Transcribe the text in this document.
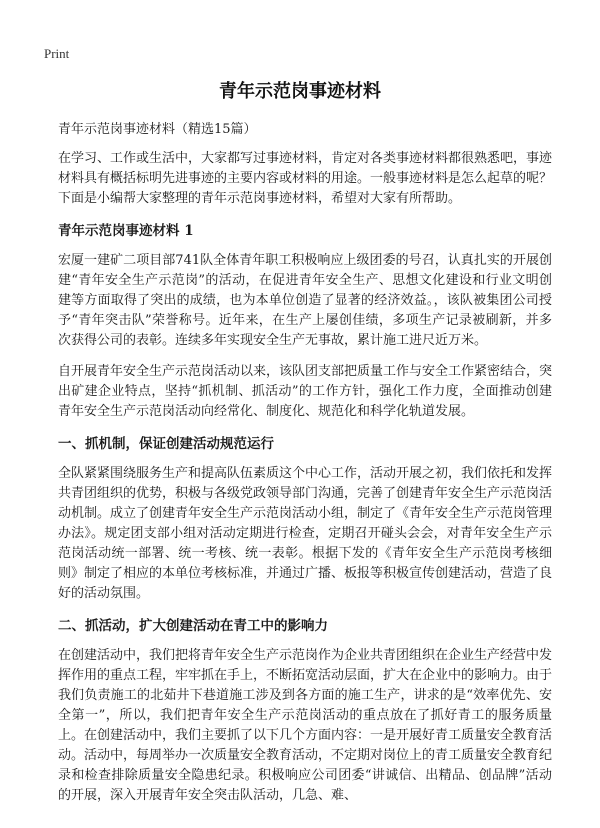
Print
青年示范岗事迹材料
青年示范岗事迹材料（精选15篇）

在学习、工作或生活中，大家都写过事迹材料，肯定对各类事迹材料都很熟悉吧，事迹材料具有概括标明先进事迹的主要内容或材料的用途。一般事迹材料是怎么起草的呢？下面是小编帮大家整理的青年示范岗事迹材料，希望对大家有所帮助。

青年示范岗事迹材料 1

宏厦一建矿二项目部741队全体青年职工积极响应上级团委的号召，认真扎实的开展创建“青年安全生产示范岗”的活动，在促进青年安全生产、思想文化建设和行业文明创建等方面取得了突出的成绩，也为本单位创造了显著的经济效益。，该队被集团公司授予“青年突击队”荣誉称号。近年来，在生产上屡创佳绩，多项生产记录被刷新，并多次获得公司的表彰。连续多年实现安全生产无事故，累计施工进尺近万米。

自开展青年安全生产示范岗活动以来，该队团支部把质量工作与安全工作紧密结合，突出矿建企业特点，坚持“抓机制、抓活动”的工作方针，强化工作力度，全面推动创建青年安全生产示范岗活动向经常化、制度化、规范化和科学化轨道发展。

一、抓机制，保证创建活动规范运行

全队紧紧围绕服务生产和提高队伍素质这个中心工作，活动开展之初，我们依托和发挥共青团组织的优势，积极与各级党政领导部门沟通，完善了创建青年安全生产示范岗活动机制。成立了创建青年安全生产示范岗活动小组，制定了《青年安全生产示范岗管理办法》。规定团支部小组对活动定期进行检查，定期召开碰头会会，对青年安全生产示范岗活动统一部署、统一考核、统一表彰。根据下发的《青年安全生产示范岗考核细则》制定了相应的本单位考核标准，并通过广播、板报等积极宣传创建活动，营造了良好的活动氛围。

二、抓活动，扩大创建活动在青工中的影响力

在创建活动中，我们把将青年安全生产示范岗作为企业共青团组织在企业生产经营中发挥作用的重点工程，牢牢抓在手上，不断拓宽活动层面，扩大在企业中的影响力。由于我们负责施工的北茹井下巷道施工涉及到各方面的施工生产，讲求的是“效率优先、安全第一”，所以，我们把青年安全生产示范岗活动的重点放在了抓好青工的服务质量上。在创建活动中，我们主要抓了以下几个方面内容：一是开展好青工质量安全教育活动。活动中，每周举办一次质量安全教育活动，不定期对岗位上的青工质量安全教育纪录和检查排除质量安全隐患纪录。积极响应公司团委“讲诚信、出精品、创品牌”活动的开展，深入开展青年安全突击队活动，几急、难、
